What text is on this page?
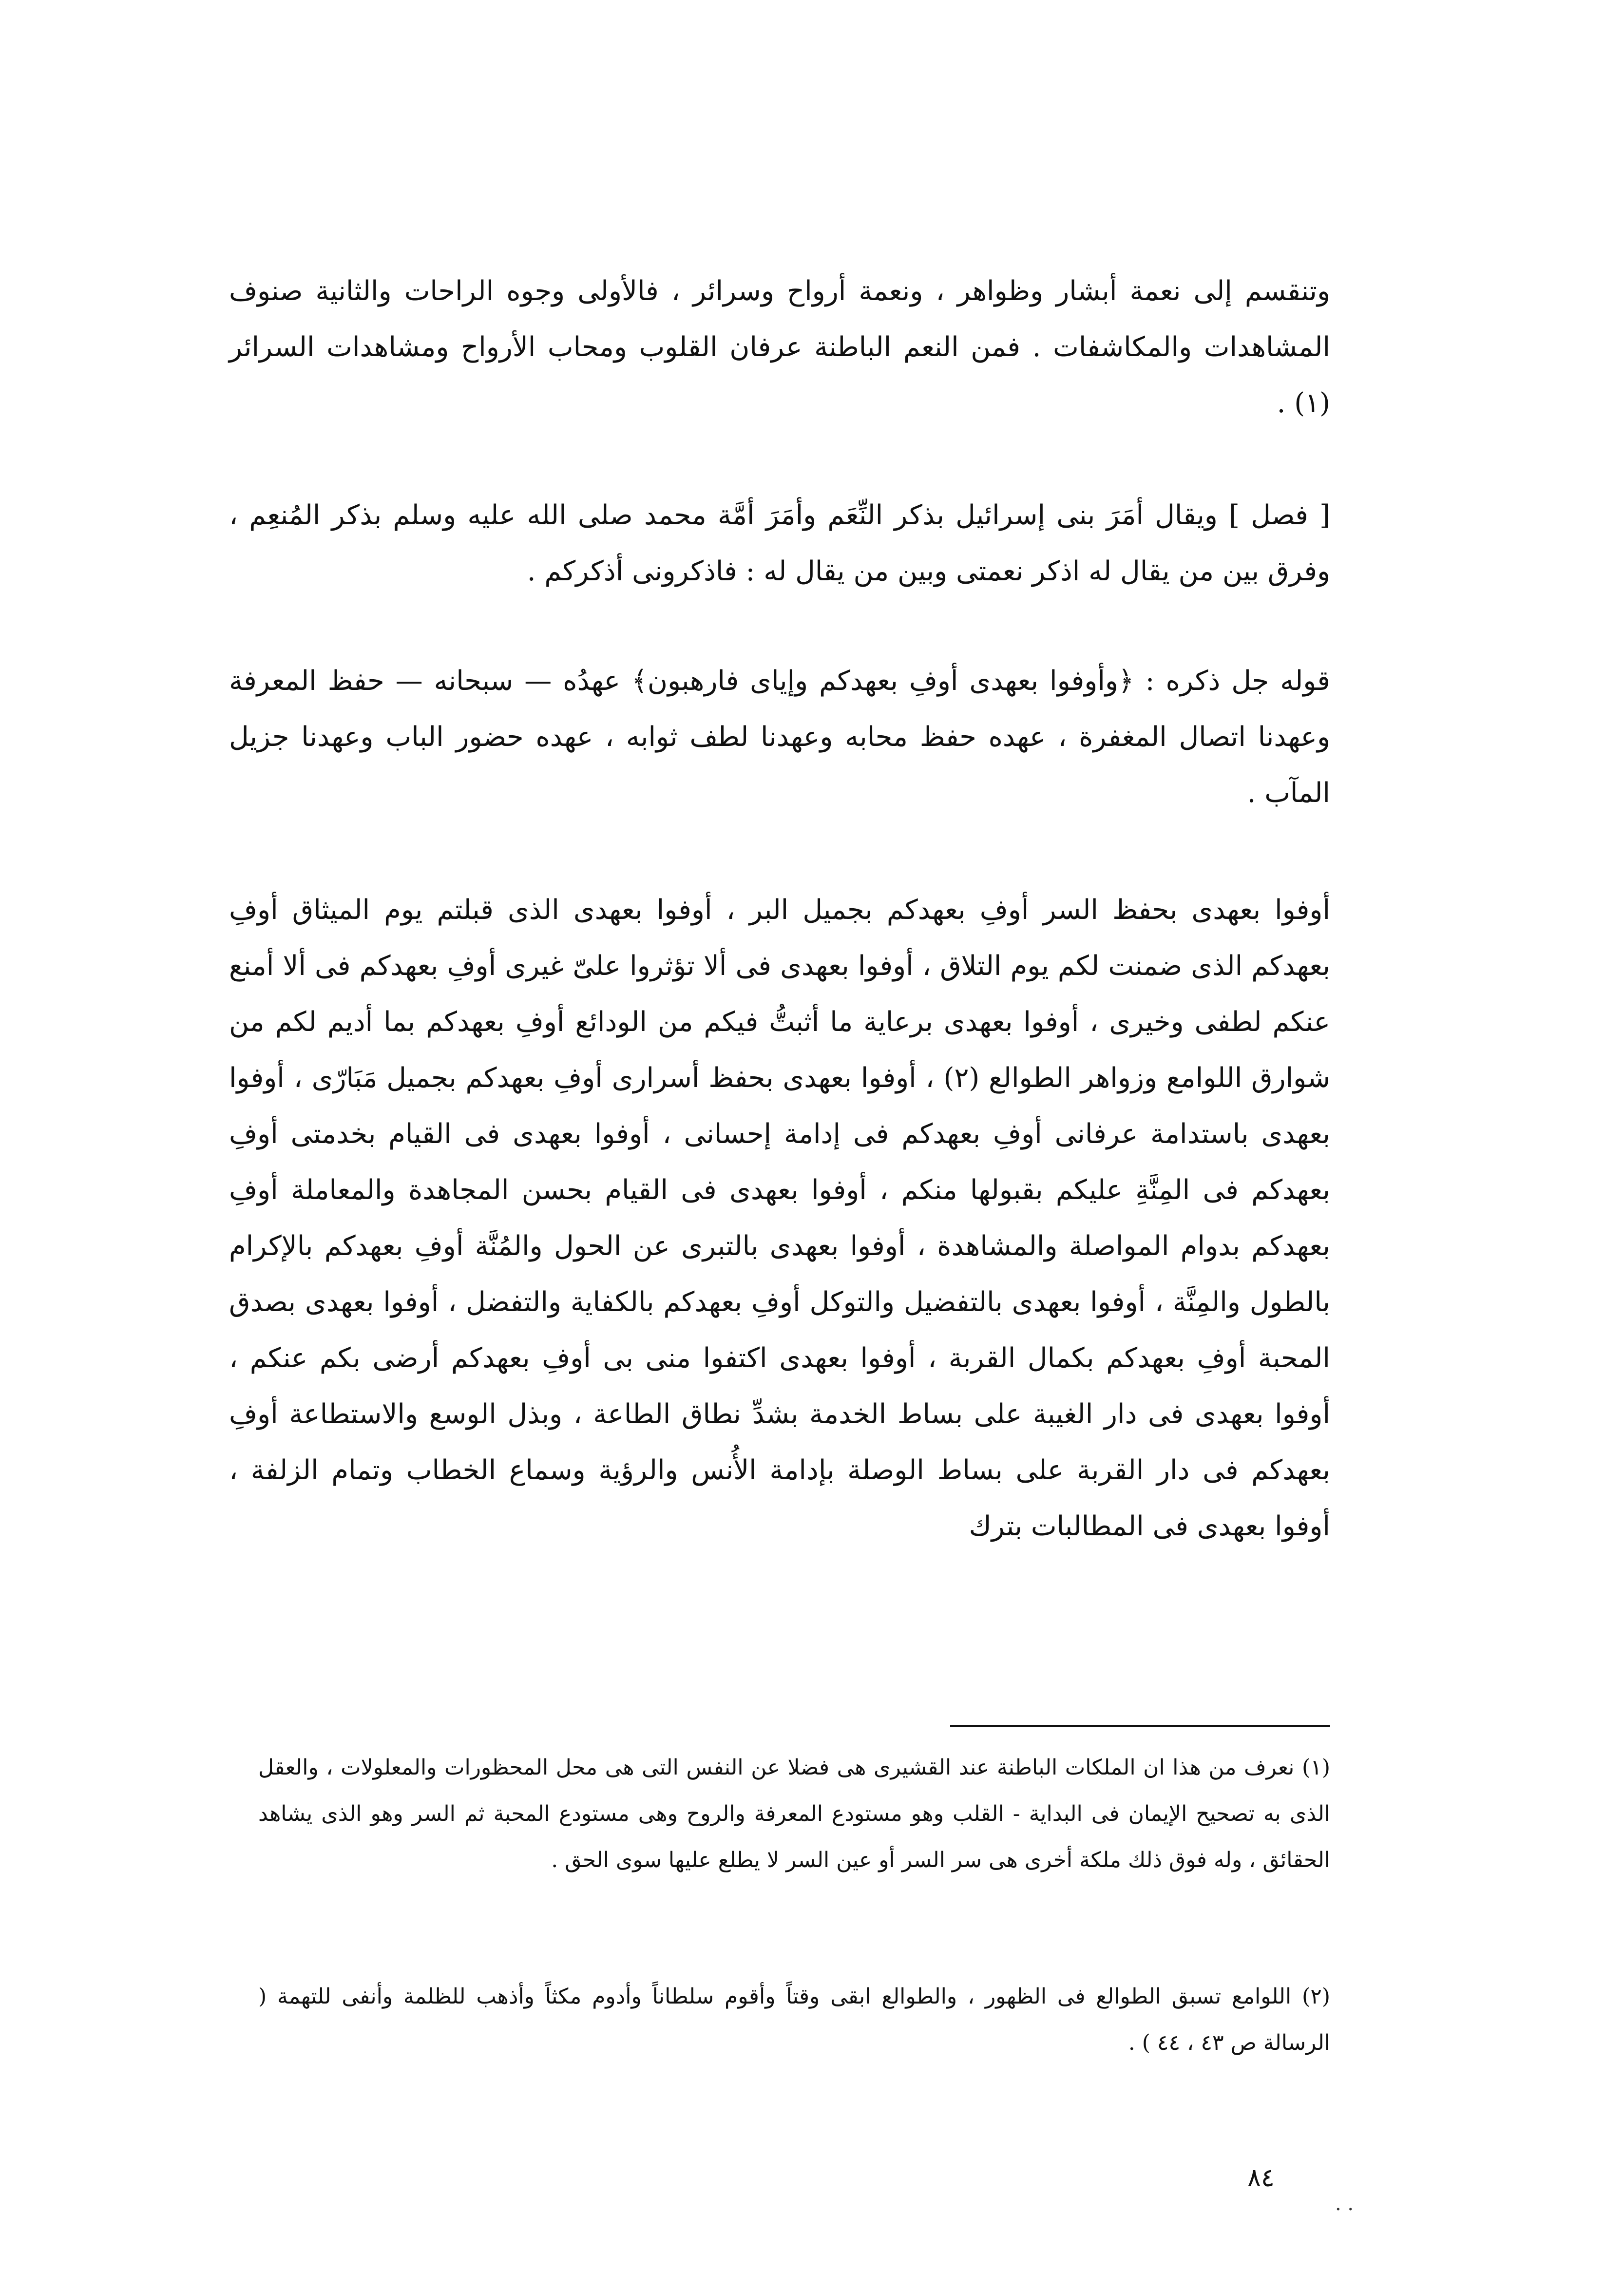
وتنقسم إلى نعمة أبشار وظواهر ، ونعمة أرواح وسرائر ، فالأولى وجوه الراحات والثانية صنوف المشاهدات والمكاشفات . فمن النعم الباطنة عرفان القلوب ومحاب الأرواح ومشاهدات السرائر (١) .

[ فصل ] ويقال أمَرَ بنى إسرائيل بذكر النِّعَم وأمَرَ أمَّة محمد صلى الله عليه وسلم بذكر المُنعِم ، وفرق بين من يقال له اذكر نعمتى وبين من يقال له : فاذكرونى أذكركم .

قوله جل ذكره : ﴿وأوفوا بعهدى أوفِ بعهدكم وإياى فارهبون﴾ عهدُه — سبحانه — حفظ المعرفة وعهدنا اتصال المغفرة ، عهده حفظ محابه وعهدنا لطف ثوابه ، عهده حضور الباب وعهدنا جزيل المآب .

أوفوا بعهدى بحفظ السر أوفِ بعهدكم بجميل البر ، أوفوا بعهدى الذى قبلتم يوم الميثاق أوفِ بعهدكم الذى ضمنت لكم يوم التلاق ، أوفوا بعهدى فى ألا تؤثروا علىّ غيرى أوفِ بعهدكم فى ألا أمنع عنكم لطفى وخيرى ، أوفوا بعهدى برعاية ما أثبتُّ فيكم من الودائع أوفِ بعهدكم بما أديم لكم من شوارق اللوامع وزواهر الطوالع (٢) ، أوفوا بعهدى بحفظ أسرارى أوفِ بعهدكم بجميل مَبَارّى ، أوفوا بعهدى باستدامة عرفانى أوفِ بعهدكم فى إدامة إحسانى ، أوفوا بعهدى فى القيام بخدمتى أوفِ بعهدكم فى المِنَّةِ عليكم بقبولها منكم ، أوفوا بعهدى فى القيام بحسن المجاهدة والمعاملة أوفِ بعهدكم بدوام المواصلة والمشاهدة ، أوفوا بعهدى بالتبرى عن الحول والمُنَّة أوفِ بعهدكم بالإكرام بالطول والمِنَّة ، أوفوا بعهدى بالتفضيل والتوكل أوفِ بعهدكم بالكفاية والتفضل ، أوفوا بعهدى بصدق المحبة أوفِ بعهدكم بكمال القربة ، أوفوا بعهدى اكتفوا منى بى أوفِ بعهدكم أرضى بكم عنكم ، أوفوا بعهدى فى دار الغيبة على بساط الخدمة بشدِّ نطاق الطاعة ، وبذل الوسع والاستطاعة أوفِ بعهدكم فى دار القربة على بساط الوصلة بإدامة الأُنس والرؤية وسماع الخطاب وتمام الزلفة ، أوفوا بعهدى فى المطالبات بترك

(١) نعرف من هذا ان الملكات الباطنة عند القشيرى هى فضلا عن النفس التى هى محل المحظورات والمعلولات ، والعقل الذى به تصحيح الإيمان فى البداية - القلب وهو مستودع المعرفة والروح وهى مستودع المحبة ثم السر وهو الذى يشاهد الحقائق ، وله فوق ذلك ملكة أخرى هى سر السر أو عين السر لا يطلع عليها سوى الحق .

(٢) اللوامع تسبق الطوالع فى الظهور ، والطوالع ابقى وقتاً وأقوم سلطاناً وأدوم مكثاً وأذهب للظلمة وأنفى للتهمة ( الرسالة ص ٤٣ ، ٤٤ ) .

٨٤
. .
